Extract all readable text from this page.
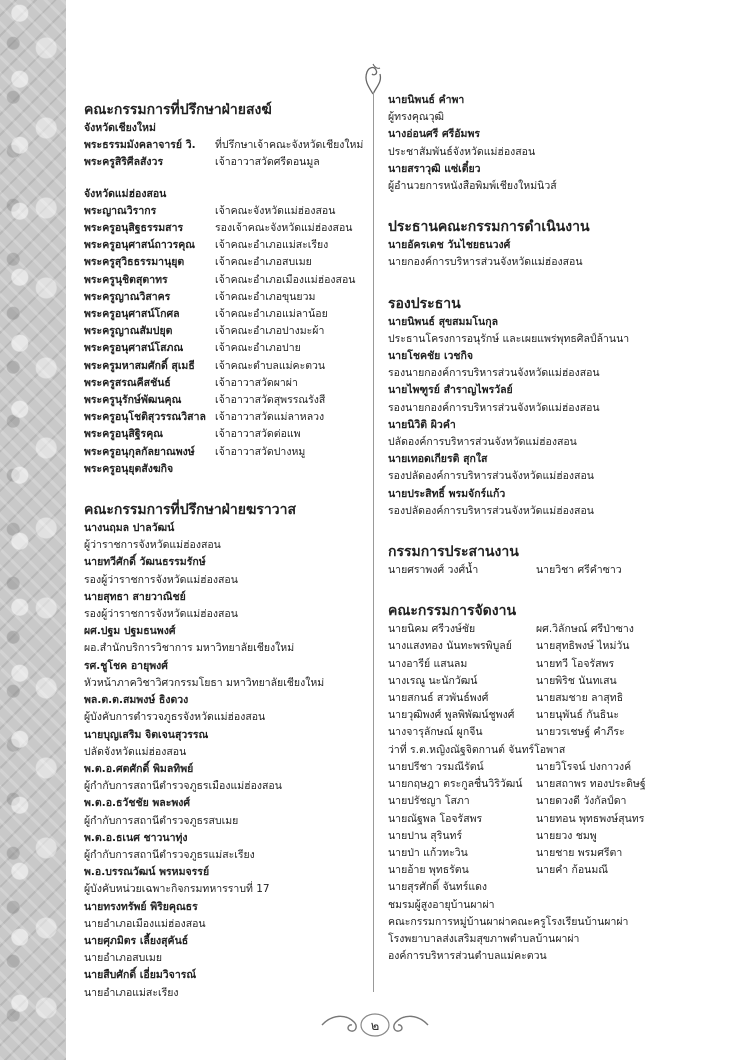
คณะกรรมการที่ปรึกษาฝ่ายสงฆ์
จังหวัดเชียงใหม่
พระธรรมมังคลาจารย์ วิ.	ที่ปรึกษาเจ้าคณะจังหวัดเชียงใหม่
พระครูสิริศีลสังวร	เจ้าอาวาสวัดศรีดอนมูล
จังหวัดแม่ฮ่องสอน
พระญาณวิรากร	เจ้าคณะจังหวัดแม่ฮ่องสอน
พระครูอนุสิฐธรรมสาร	รองเจ้าคณะจังหวัดแม่ฮ่องสอน
พระครูอนุศาสน์ถาวรคุณ	เจ้าคณะอำเภอแม่สะเรียง
พระครูสุวิธธรรมานุยุต	เจ้าคณะอำเภอสบเมย
พระครูนุชิตสุตาทร	เจ้าคณะอำเภอเมืองแม่ฮ่องสอน
พระครูญาณวิสาคร	เจ้าคณะอำเภอขุนยวม
พระครูอนุศาสน์โกศล	เจ้าคณะอำเภอแม่ลาน้อย
พระครูญาณสัมปยุต	เจ้าคณะอำเภอปางมะผ้า
พระครูอนุศาสน์โสภณ	เจ้าคณะอำเภอปาย
พระครูมหาสมศักดิ์ สุเมธี	เจ้าคณะตำบลแม่คะตวน
พระครูสรณคีสชันธ์	เจ้าอาวาสวัดผาผ่า
พระครูนุรักษ์พัฒนคุณ	เจ้าอาวาสวัดสุพรรณรังสี
พระครูอนุโชติสุวรรณวิสาล เจ้าอาวาสวัดแม่ลาหลวง
พระครูอนุสิฐิรคุณ	เจ้าอาวาสวัดต่อแพ
พระครูอนุกุลกัลยาณพงษ์	เจ้าอาวาสวัดปางหมู
พระครูอนุยุตสังฆกิจ
คณะกรรมการที่ปรึกษาฝ่ายฆราวาส
นางนฤมล ปาลวัฒน์
ผู้ว่าราชการจังหวัดแม่ฮ่องสอน
นายทวีศักดิ์ วัฒนธรรมรักษ์
รองผู้ว่าราชการจังหวัดแม่ฮ่องสอน
นายสุทธา สายวาณิชย์
รองผู้ว่าราชการจังหวัดแม่ฮ่องสอน
ผศ.ปฐม ปฐมธนพงศ์
ผอ.สำนักบริการวิชาการ มหาวิทยาลัยเชียงใหม่
รศ.ชูโชค อายุพงศ์
หัวหน้าภาควิชาวิศวกรรมโยธา มหาวิทยาลัยเชียงใหม่
พล.ต.ต.สมพงษ์ ธิงดวง
ผู้บังคับการตำรวจภูธรจังหวัดแม่ฮ่องสอน
นายบุญเสริม จิตเจนสุวรรณ
ปลัดจังหวัดแม่ฮ่องสอน
พ.ต.อ.ศตศักดิ์ พิมลทิพย์
ผู้กำกับการสถานีตำรวจภูธรเมืองแม่ฮ่องสอน
พ.ต.อ.ธวัชชัย พละพงศ์
ผู้กำกับการสถานีตำรวจภูธรสบเมย
พ.ต.อ.ธเนศ ชาวนาทุ่ง
ผู้กำกับการสถานีตำรวจภูธรแม่สะเรียง
พ.อ.บรรณวัฒน์ พรหมจรรย์
ผู้บังคับหน่วยเฉพาะกิจกรมทหารราบที่ 17
นายทรงทรัพย์ พิริยคุณธร
นายอำเภอเมืองแม่ฮ่องสอน
นายศุภมิตร เลี้ยงสุคันธ์
นายอำเภอสบเมย
นายสืบศักดิ์ เอี่ยมวิจารณ์
นายอำเภอแม่สะเรียง
นายนิพนธ์ คำพา
ผู้ทรงคุณวุฒิ
นางอ่อนศรี ศรีอัมพร
ประชาสัมพันธ์จังหวัดแม่ฮ่องสอน
นายสราวุฒิ แซ่เตี๋ยว
ผู้อำนวยการหนังสือพิมพ์เชียงใหม่นิวส์
ประธานคณะกรรมการดำเนินงาน
นายอัครเดช วันไชยธนวงศ์
นายกองค์การบริหารส่วนจังหวัดแม่ฮ่องสอน
รองประธาน
นายนิพนธ์ สุขสมมโนกุล
ประธานโครงการอนุรักษ์ และเผยแพร่พุทธศิลป์ล้านนา
นายโชคชัย เวชกิจ
รองนายกองค์การบริหารส่วนจังหวัดแม่ฮ่องสอน
นายไพฑูรย์ สำราญไพรวัลย์
รองนายกองค์การบริหารส่วนจังหวัดแม่ฮ่องสอน
นายนิวิติ ผิวคำ
ปลัดองค์การบริหารส่วนจังหวัดแม่ฮ่องสอน
นายเทอดเกียรติ สุกใส
รองปลัดองค์การบริหารส่วนจังหวัดแม่ฮ่องสอน
นายประสิทธิ์ พรมจักร์แก้ว
รองปลัดองค์การบริหารส่วนจังหวัดแม่ฮ่องสอน
กรรมการประสานงาน
นายศราพงศ์ วงศ์น้ำ	นายวิชา ศรีคำซาว
คณะกรรมการจัดงาน
นายนิคม ศรีวงษ์ชัย	ผศ.วิลักษณ์ ศรีป่าซาง
นางแสงทอง นันทะพรพิบูลย์	นายสุทธิพงษ์ ไหม่วัน
นางอารีย์ แสนลม	นายทวี โอจรัสพร
นางเรณู นะนักวัฒน์	นายพิริช นันทเสน
นายสกนธ์ สวพันธ์พงศ์	นายสมชาย ลาสุทธิ
นายวุฒิพงศ์ พูลพิพัฒน์ชูพงศ์	นายนุพันธ์ กันธินะ
นางจารุลักษณ์ ผูกจีน	นายวรเชษฐ์ คำภีระ
ว่าที่ ร.ต.หญิงณัฐจิตกานต์ จันทร์โอพาส
นายปรีชา วรมณีรัตน์	นายวิโรจน์ ปงกาวงค์
นายกฤษฎา ตระกูลชื่นวิริวัฒน์	นายสถาพร ทองประดิษฐ์
นายปรัชญา โสภา	นายดวงดี วังกัลป์ดา
นายณัฐพล โอจรัสพร	นายทอน พุทธพงษ์สุนทร
นายปาน สุรินทร์	นายยวง ชมพู
นายป่า แก้วทะวิน	นายชาย พรมศรีตา
นายอ้าย พุทธรัตน	นายคำ ก้อนมณี
นายสุรศักดิ์ จันทร์แดง
ชมรมผู้สูงอายุบ้านผาผ่า
คณะกรรมการหมู่บ้านผาผ่าคณะครูโรงเรียนบ้านผาผ่า
โรงพยาบาลส่งเสริมสุขภาพตำบลบ้านผาผ่า
องค์การบริหารส่วนตำบลแม่คะตวน
๒
